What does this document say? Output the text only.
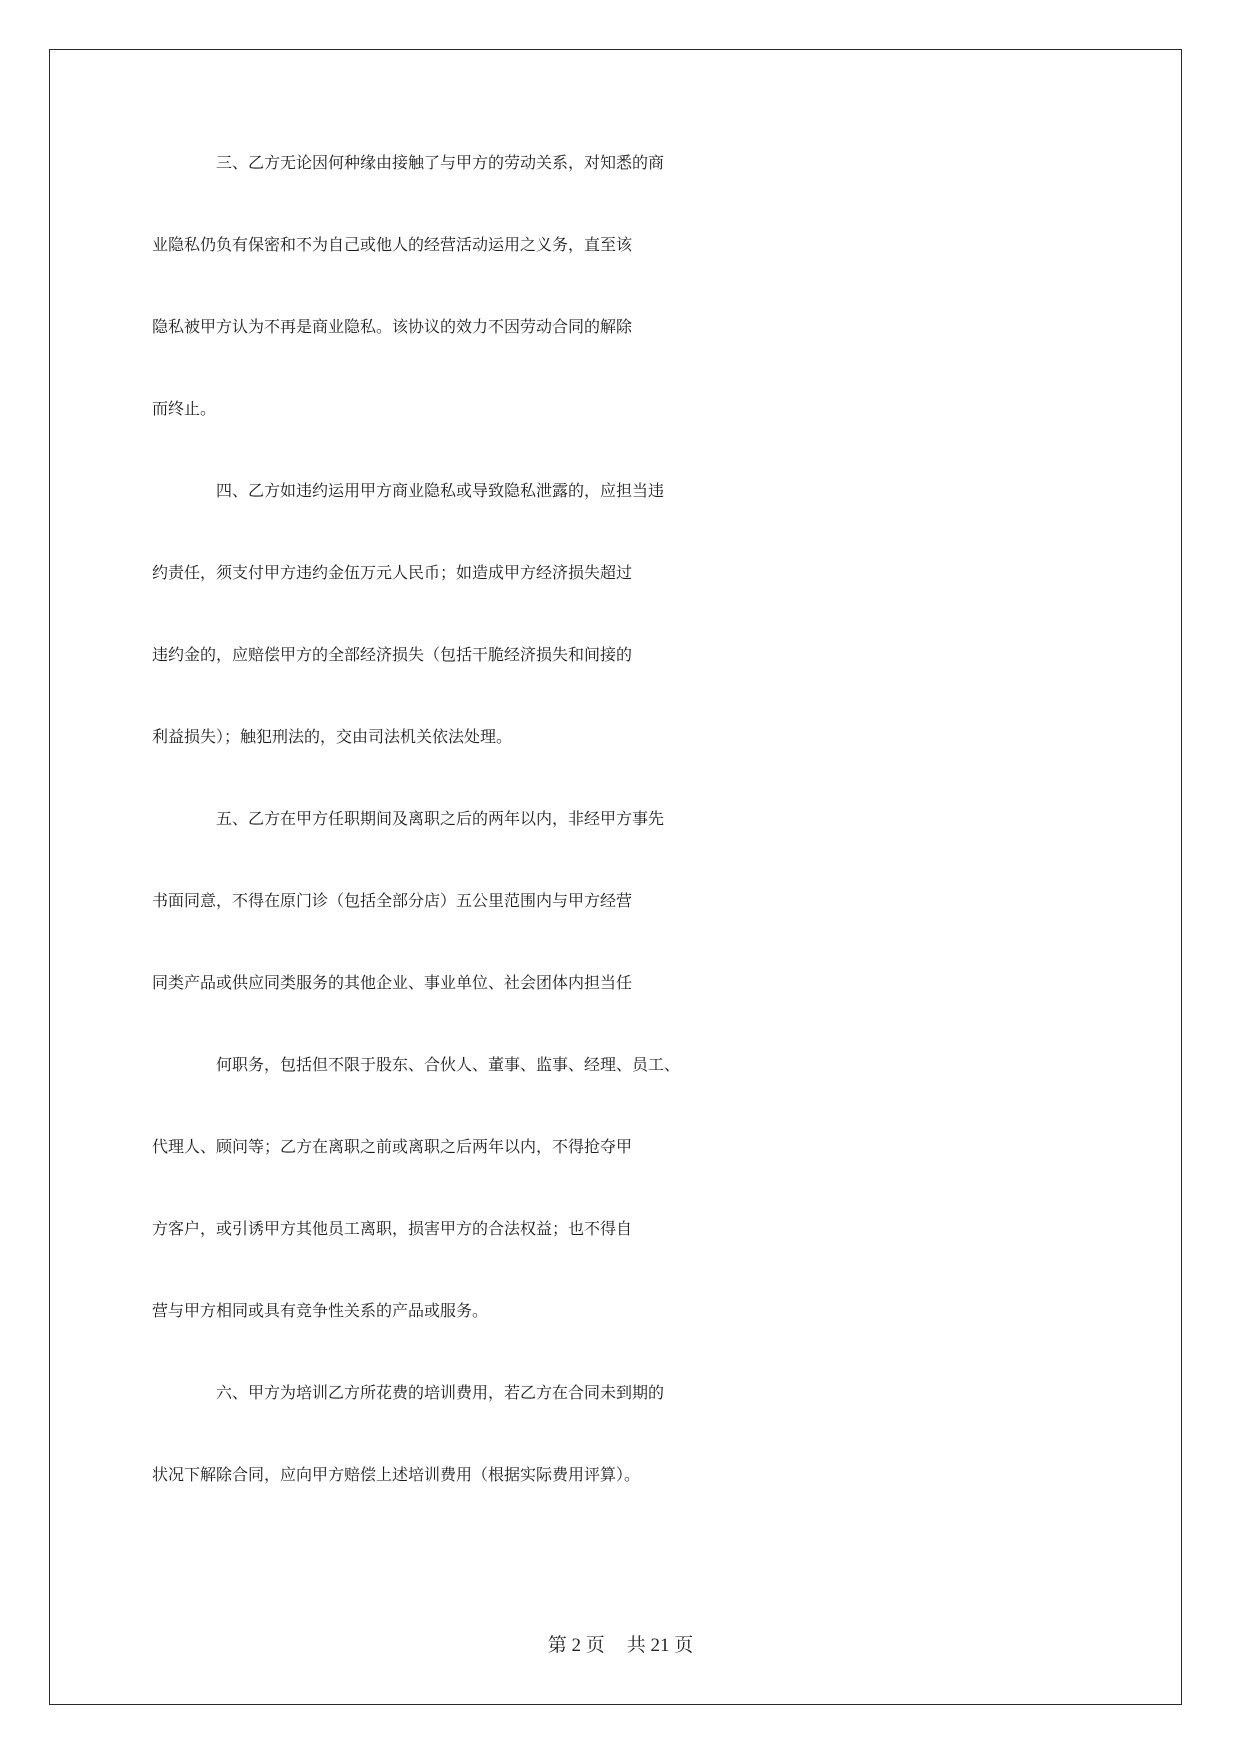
三、乙方无论因何种缘由接触了与甲方的劳动关系，对知悉的商
业隐私仍负有保密和不为自己或他人的经营活动运用之义务，直至该
隐私被甲方认为不再是商业隐私。该协议的效力不因劳动合同的解除
而终止。
四、乙方如违约运用甲方商业隐私或导致隐私泄露的，应担当违
约责任，须支付甲方违约金伍万元人民币；如造成甲方经济损失超过
违约金的，应赔偿甲方的全部经济损失（包括干脆经济损失和间接的
利益损失）；触犯刑法的，交由司法机关依法处理。
五、乙方在甲方任职期间及离职之后的两年以内，非经甲方事先
书面同意，不得在原门诊（包括全部分店）五公里范围内与甲方经营
同类产品或供应同类服务的其他企业、事业单位、社会团体内担当任
何职务，包括但不限于股东、合伙人、董事、监事、经理、员工、
代理人、顾问等；乙方在离职之前或离职之后两年以内，不得抢夺甲
方客户，或引诱甲方其他员工离职，损害甲方的合法权益；也不得自
营与甲方相同或具有竞争性关系的产品或服务。
六、甲方为培训乙方所花费的培训费用，若乙方在合同未到期的
状况下解除合同，应向甲方赔偿上述培训费用（根据实际费用评算）。
第 2 页 共 21 页
